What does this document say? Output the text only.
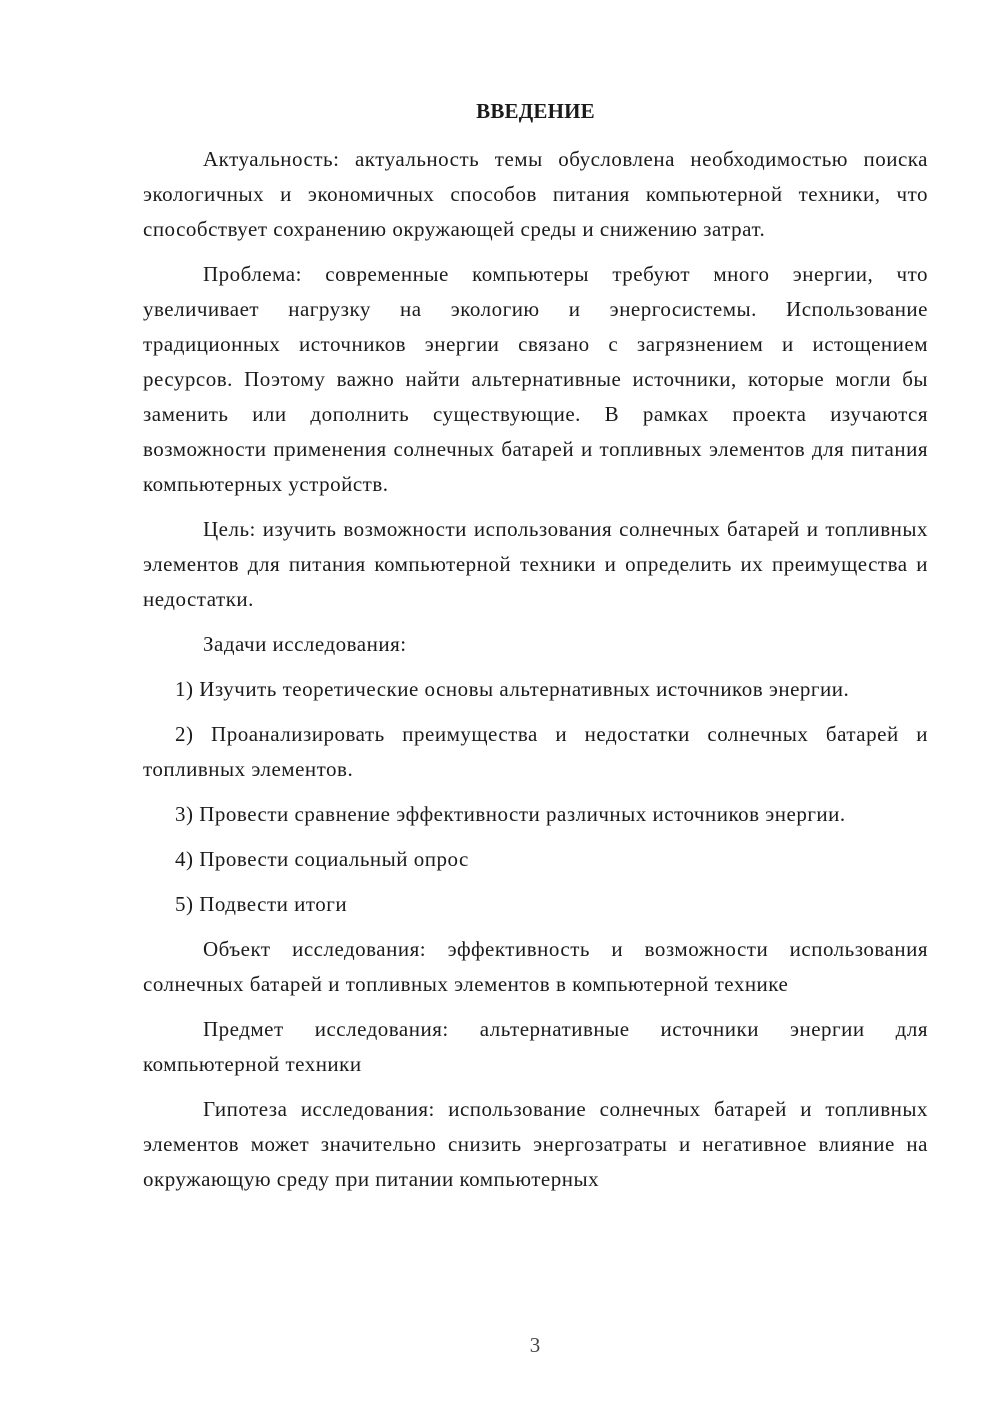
ВВЕДЕНИЕ

Актуальность: актуальность темы обусловлена необходимостью поиска экологичных и экономичных способов питания компьютерной техники, что способствует сохранению окружающей среды и снижению затрат.

Проблема: современные компьютеры требуют много энергии, что увеличивает нагрузку на экологию и энергосистемы. Использование традиционных источников энергии связано с загрязнением и истощением ресурсов. Поэтому важно найти альтернативные источники, которые могли бы заменить или дополнить существующие. В рамках проекта изучаются возможности применения солнечных батарей и топливных элементов для питания компьютерных устройств.

Цель: изучить возможности использования солнечных батарей и топливных элементов для питания компьютерной техники и определить их преимущества и недостатки.

Задачи исследования:

1) Изучить теоретические основы альтернативных источников энергии.

2) Проанализировать преимущества и недостатки солнечных батарей и топливных элементов.

3) Провести сравнение эффективности различных источников энергии.

4) Провести социальный опрос

5) Подвести итоги

Объект исследования: эффективность и возможности использования солнечных батарей и топливных элементов в компьютерной технике

Предмет исследования: альтернативные источники энергии для компьютерной техники

Гипотеза исследования: использование солнечных батарей и топливных элементов может значительно снизить энергозатраты и негативное влияние на окружающую среду при питании компьютерных

3
